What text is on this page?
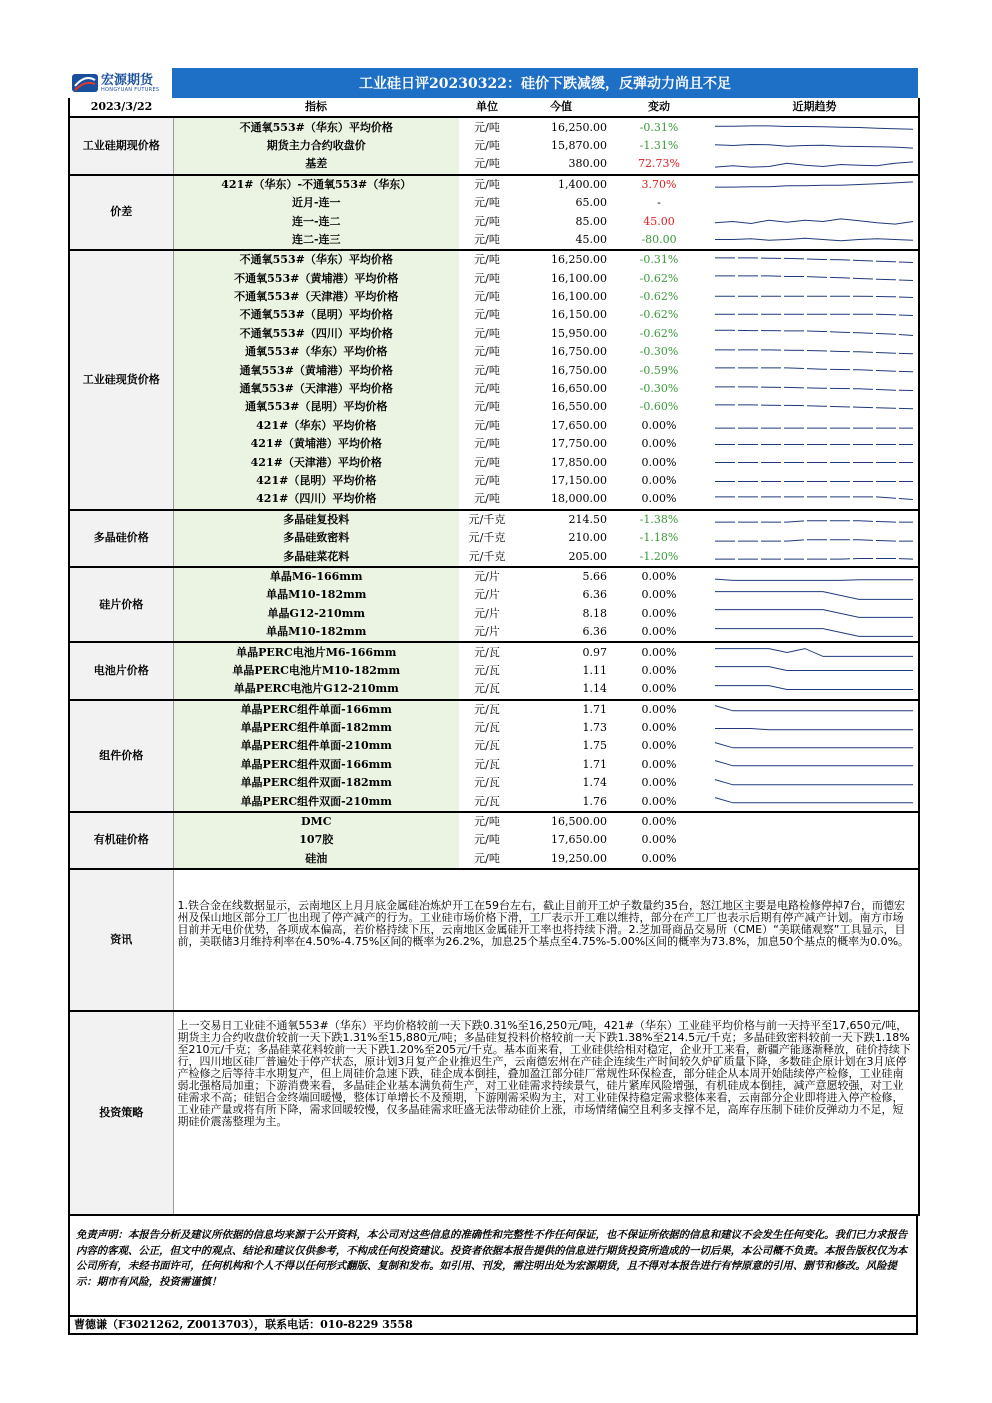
宏源期货
HONGYUAN FUTURES	工业硅日评20230322：硅价下跌减缓，反弹动力尚且不足
2023/3/22	指标	单位	今值	变动	近期趋势
工业硅期现价格	不通氧553#（华东）平均价格	元/吨	16,250.00	-0.31%	

	期货主力合约收盘价	元/吨	15,870.00	-1.31%	

	基差	元/吨	380.00	72.73%	

价差	421#（华东）-不通氧553#（华东）	元/吨	1,400.00	3.70%	

	近月-连一	元/吨	65.00	-	
	连一-连二	元/吨	85.00	45.00	

	连二-连三	元/吨	45.00	-80.00	

工业硅现货价格	不通氧553#（华东）平均价格	元/吨	16,250.00	-0.31%	

	不通氧553#（黄埔港）平均价格	元/吨	16,100.00	-0.62%	

	不通氧553#（天津港）平均价格	元/吨	16,100.00	-0.62%	

	不通氧553#（昆明）平均价格	元/吨	16,150.00	-0.62%	

	不通氧553#（四川）平均价格	元/吨	15,950.00	-0.62%	

	通氧553#（华东）平均价格	元/吨	16,750.00	-0.30%	

	通氧553#（黄埔港）平均价格	元/吨	16,750.00	-0.59%	

	通氧553#（天津港）平均价格	元/吨	16,650.00	-0.30%	

	通氧553#（昆明）平均价格	元/吨	16,550.00	-0.60%	

	421#（华东）平均价格	元/吨	17,650.00	0.00%	

	421#（黄埔港）平均价格	元/吨	17,750.00	0.00%	

	421#（天津港）平均价格	元/吨	17,850.00	0.00%	

	421#（昆明）平均价格	元/吨	17,150.00	0.00%	

	421#（四川）平均价格	元/吨	18,000.00	0.00%	

多晶硅价格	多晶硅复投料	元/千克	214.50	-1.38%	

	多晶硅致密料	元/千克	210.00	-1.18%	

	多晶硅菜花料	元/千克	205.00	-1.20%	

硅片价格	单晶M6-166mm	元/片	5.66	0.00%	

	单晶M10-182mm	元/片	6.36	0.00%	

	单晶G12-210mm	元/片	8.18	0.00%	

	单晶M10-182mm	元/片	6.36	0.00%	

电池片价格	单晶PERC电池片M6-166mm	元/瓦	0.97	0.00%	

	单晶PERC电池片M10-182mm	元/瓦	1.11	0.00%	

	单晶PERC电池片G12-210mm	元/瓦	1.14	0.00%	

组件价格	单晶PERC组件单面-166mm	元/瓦	1.71	0.00%	

	单晶PERC组件单面-182mm	元/瓦	1.73	0.00%	

	单晶PERC组件单面-210mm	元/瓦	1.75	0.00%	

	单晶PERC组件双面-166mm	元/瓦	1.71	0.00%	

	单晶PERC组件双面-182mm	元/瓦	1.74	0.00%	

	单晶PERC组件双面-210mm	元/瓦	1.76	0.00%	

有机硅价格	DMC	元/吨	16,500.00	0.00%	
	107胶	元/吨	17,650.00	0.00%	
	硅油	元/吨	19,250.00	0.00%	
资讯	1.铁合金在线数据显示，云南地区上月月底金属硅冶炼炉开工在59台左右，截止目前开工炉子数量约35台，怒江地区主要是电路检修停掉7台，而德宏州及保山地区部分工厂也出现了停产减产的行为。工业硅市场价格下滑，工厂表示开工难以维持，部分在产工厂也表示后期有停产减产计划。南方市场目前并无电价优势，各项成本偏高，若价格持续下压，云南地区金属硅开工率也将持续下滑。2.芝加哥商品交易所（CME）“美联储观察”工具显示，目前，美联储3月维持利率在4.50%-4.75%区间的概率为26.2%，加息25个基点至4.75%-5.00%区间的概率为73.8%，加息50个基点的概率为0.0%。
投资策略	上一交易日工业硅不通氧553#（华东）平均价格较前一天下跌0.31%至16,250元/吨，421#（华东）工业硅平均价格与前一天持平至17,650元/吨，期货主力合约收盘价较前一天下跌1.31%至15,880元/吨；多晶硅复投料价格较前一天下跌1.38%至214.5元/千克；多晶硅致密料较前一天下跌1.18%至210元/千克；多晶硅菜花料较前一天下跌1.20%至205元/千克。基本面来看，工业硅供给相对稳定，企业开工来看，新疆产能逐渐释放，硅价持续下行，四川地区硅厂普遍处于停产状态，原计划3月复产企业推迟生产，云南德宏州在产硅企连续生产时间较久炉矿质量下降，多数硅企原计划在3月底停产检修之后等待丰水期复产，但上周硅价急速下跌，硅企成本倒挂，叠加盈江部分硅厂常规性环保检查，部分硅企从本周开始陆续停产检修，工业硅南弱北强格局加重；下游消费来看，多晶硅企业基本满负荷生产，对工业硅需求持续景气，硅片紧库风险增强，有机硅成本倒挂，减产意愿较强，对工业硅需求不高；硅铝合金终端回暖慢，整体订单增长不及预期，下游刚需采购为主，对工业硅保持稳定需求整体来看，云南部分企业即将进入停产检修，工业硅产量或将有所下降，需求回暖较慢，仅多晶硅需求旺盛无法带动硅价上涨，市场情绪偏空且利多支撑不足，高库存压制下硅价反弹动力不足，短期硅价震荡整理为主。
免责声明：本报告分析及建议所依据的信息均来源于公开资料，本公司对这些信息的准确性和完整性不作任何保证，也不保证所依据的信息和建议不会发生任何变化。我们已力求报告内容的客观、公正，但文中的观点、结论和建议仅供参考，不构成任何投资建议。投资者依据本报告提供的信息进行期货投资所造成的一切后果，本公司概不负责。本报告版权仅为本公司所有，未经书面许可，任何机构和个人不得以任何形式翻版、复制和发布。如引用、刊发，需注明出处为宏源期货，且不得对本报告进行有悖原意的引用、删节和修改。风险提示：期市有风险，投资需谨慎！
曹德谦（F3021262, Z0013703），联系电话：010-8229 3558
